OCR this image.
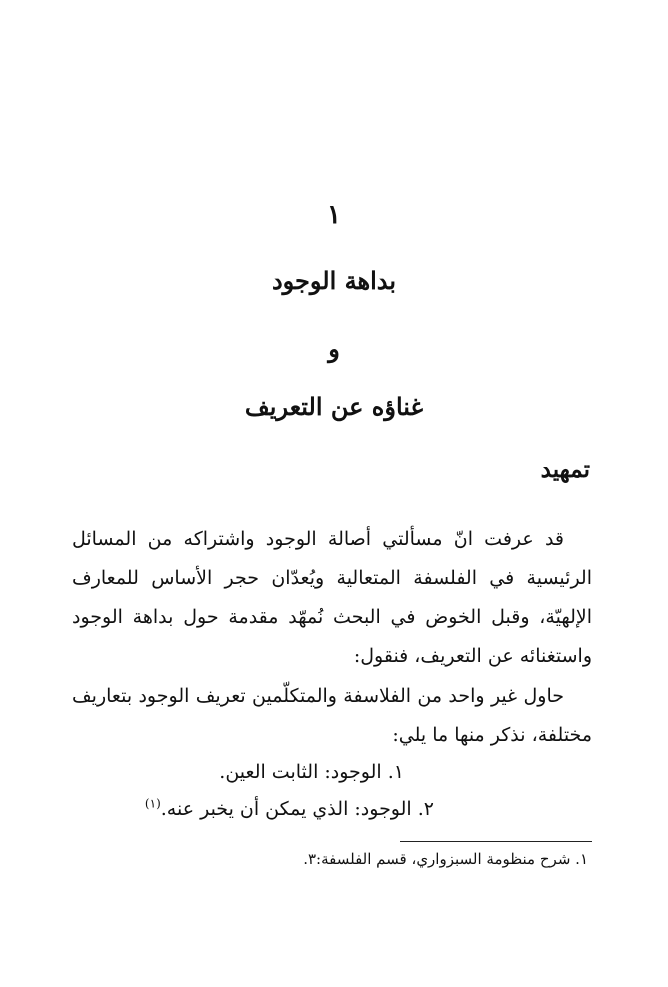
١
بداهة الوجود
و
غناؤه عن التعريف
تمهيد

قد عرفت انّ مسألتي أصالة الوجود واشتراكه من المسائل الرئيسية في الفلسفة المتعالية ويُعدّان حجر الأساس للمعارف الإلهيّة، وقبل الخوض في البحث نُمهّد مقدمة حول بداهة الوجود واستغنائه عن التعريف، فنقول:

حاول غير واحد من الفلاسفة والمتكلّمين تعريف الوجود بتعاريف مختلفة، نذكر منها ما يلي:

١. الوجود: الثابت العين.
٢. الوجود: الذي يمكن أن يخبر عنه.$^{(١)}$
١. شرح منظومة السبزواري، قسم الفلسفة:٣.
